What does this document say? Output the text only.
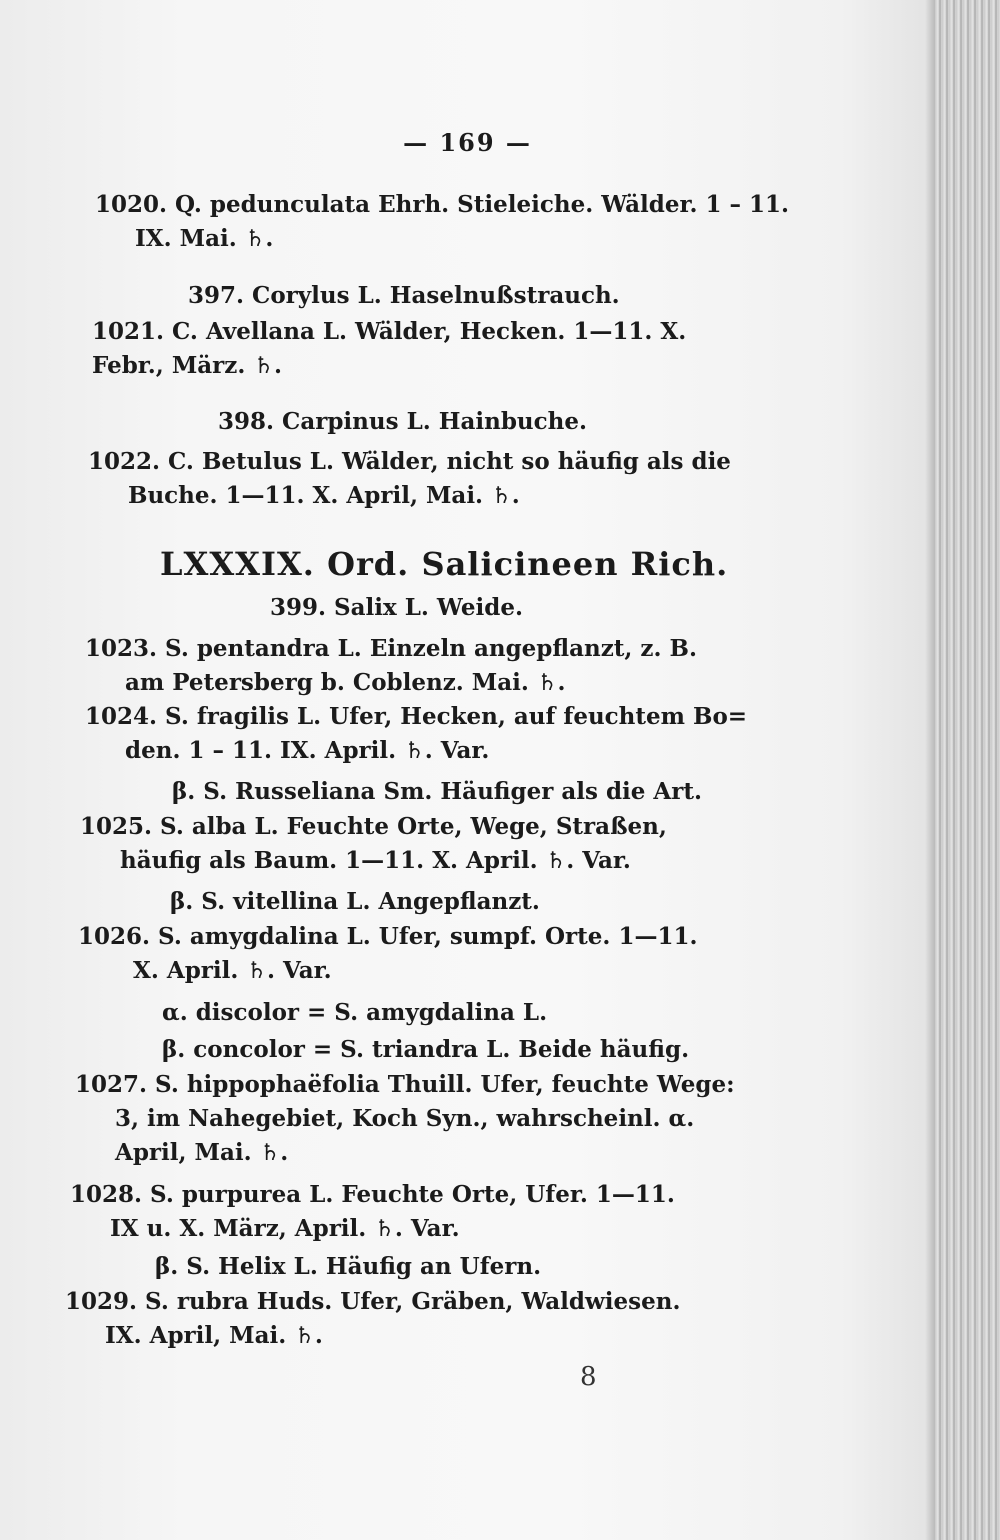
— 169 —
1020. Q. pedunculata Ehrh. Stieleiche. Wälder. 1 – 11.
IX. Mai. ♄.
397. Corylus L. Haselnußstrauch.
1021. C. Avellana L. Wälder, Hecken. 1—11. X.
Febr., März. ♄.
398. Carpinus L. Hainbuche.
1022. C. Betulus L. Wälder, nicht so häufig als die
Buche. 1—11. X. April, Mai. ♄.
LXXXIX. Ord. Salicineen Rich.
399. Salix L. Weide.
1023. S. pentandra L. Einzeln angepflanzt, z. B.
am Petersberg b. Coblenz. Mai. ♄.
1024. S. fragilis L. Ufer, Hecken, auf feuchtem Bo=
den. 1 – 11. IX. April. ♄. Var.
β. S. Russeliana Sm. Häufiger als die Art.
1025. S. alba L. Feuchte Orte, Wege, Straßen,
häufig als Baum. 1—11. X. April. ♄. Var.
β. S. vitellina L. Angepflanzt.
1026. S. amygdalina L. Ufer, sumpf. Orte. 1—11.
X. April. ♄. Var.
α. discolor = S. amygdalina L.
β. concolor = S. triandra L. Beide häufig.
1027. S. hippophaëfolia Thuill. Ufer, feuchte Wege:
3, im Nahegebiet, Koch Syn., wahrscheinl. α.
April, Mai. ♄.
1028. S. purpurea L. Feuchte Orte, Ufer. 1—11.
IX u. X. März, April. ♄. Var.
β. S. Helix L. Häufig an Ufern.
1029. S. rubra Huds. Ufer, Gräben, Waldwiesen.
IX. April, Mai. ♄.
8
